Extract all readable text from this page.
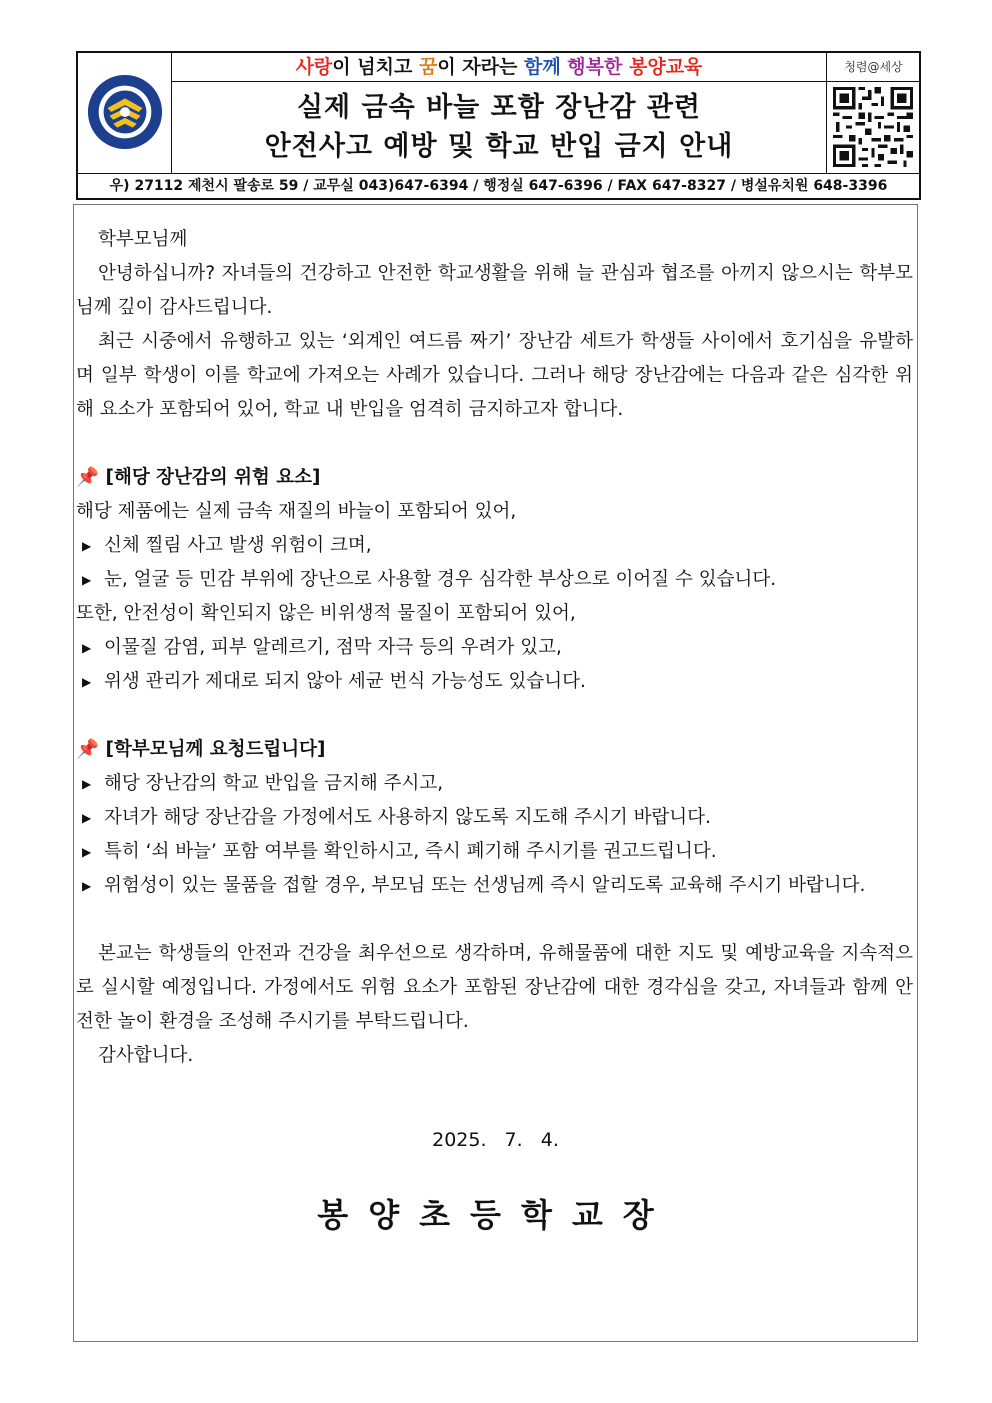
사랑이 넘치고 꿈이 자라는 함께 행복한 봉양교육
실제 금속 바늘 포함 장난감 관련
안전사고 예방 및 학교 반입 금지 안내
청렴@세상
우) 27112 제천시 팔송로 59 / 교무실 043)647-6394 / 행정실 647-6396 / FAX 647-8327 / 병설유치원 648-3396

학부모님께

안녕하십니까? 자녀들의 건강하고 안전한 학교생활을 위해 늘 관심과 협조를 아끼지 않으시는 학부모님께 깊이 감사드립니다.

최근 시중에서 유행하고 있는 ‘외계인 여드름 짜기’ 장난감 세트가 학생들 사이에서 호기심을 유발하며 일부 학생이 이를 학교에 가져오는 사례가 있습니다. 그러나 해당 장난감에는 다음과 같은 심각한 위해 요소가 포함되어 있어, 학교 내 반입을 엄격히 금지하고자 합니다.

📌 [해당 장난감의 위험 요소]

해당 제품에는 실제 금속 재질의 바늘이 포함되어 있어,

▶ 신체 찔림 사고 발생 위험이 크며,

▶ 눈, 얼굴 등 민감 부위에 장난으로 사용할 경우 심각한 부상으로 이어질 수 있습니다.

또한, 안전성이 확인되지 않은 비위생적 물질이 포함되어 있어,

▶ 이물질 감염, 피부 알레르기, 점막 자극 등의 우려가 있고,

▶ 위생 관리가 제대로 되지 않아 세균 번식 가능성도 있습니다.

📌 [학부모님께 요청드립니다]

▶ 해당 장난감의 학교 반입을 금지해 주시고,

▶ 자녀가 해당 장난감을 가정에서도 사용하지 않도록 지도해 주시기 바랍니다.

▶ 특히 ‘쇠 바늘’ 포함 여부를 확인하시고, 즉시 폐기해 주시기를 권고드립니다.

▶ 위험성이 있는 물품을 접할 경우, 부모님 또는 선생님께 즉시 알리도록 교육해 주시기 바랍니다.

본교는 학생들의 안전과 건강을 최우선으로 생각하며, 유해물품에 대한 지도 및 예방교육을 지속적으로 실시할 예정입니다. 가정에서도 위험 요소가 포함된 장난감에 대한 경각심을 갖고, 자녀들과 함께 안전한 놀이 환경을 조성해 주시기를 부탁드립니다.

감사합니다.

2025. 7. 4.

봉양초등학교장
